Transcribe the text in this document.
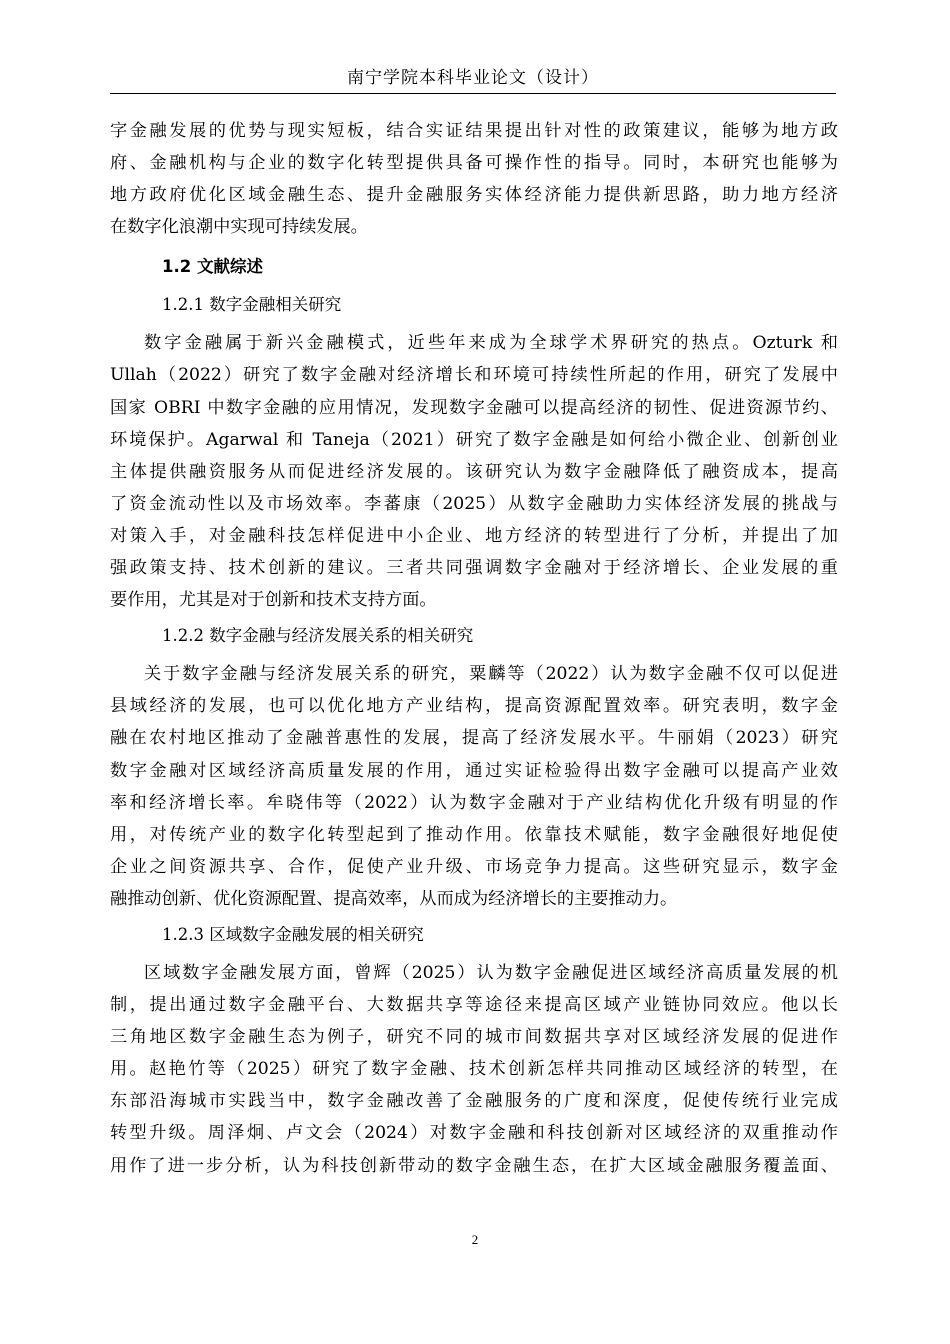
南宁学院本科毕业论文（设计）
字金融发展的优势与现实短板，结合实证结果提出针对性的政策建议，能够为地方政
府、金融机构与企业的数字化转型提供具备可操作性的指导。同时，本研究也能够为
地方政府优化区域金融生态、提升金融服务实体经济能力提供新思路，助力地方经济
在数字化浪潮中实现可持续发展。
1.2 文献综述
1.2.1 数字金融相关研究
数字金融属于新兴金融模式，近些年来成为全球学术界研究的热点。Ozturk 和
Ullah（2022）研究了数字金融对经济增长和环境可持续性所起的作用，研究了发展中
国家 OBRI 中数字金融的应用情况，发现数字金融可以提高经济的韧性、促进资源节约、
环境保护。Agarwal 和 Taneja（2021）研究了数字金融是如何给小微企业、创新创业
主体提供融资服务从而促进经济发展的。该研究认为数字金融降低了融资成本，提高
了资金流动性以及市场效率。李蕃康（2025）从数字金融助力实体经济发展的挑战与
对策入手，对金融科技怎样促进中小企业、地方经济的转型进行了分析，并提出了加
强政策支持、技术创新的建议。三者共同强调数字金融对于经济增长、企业发展的重
要作用，尤其是对于创新和技术支持方面。
1.2.2 数字金融与经济发展关系的相关研究
关于数字金融与经济发展关系的研究，粟麟等（2022）认为数字金融不仅可以促进
县域经济的发展，也可以优化地方产业结构，提高资源配置效率。研究表明，数字金
融在农村地区推动了金融普惠性的发展，提高了经济发展水平。牛丽娟（2023）研究
数字金融对区域经济高质量发展的作用，通过实证检验得出数字金融可以提高产业效
率和经济增长率。牟晓伟等（2022）认为数字金融对于产业结构优化升级有明显的作
用，对传统产业的数字化转型起到了推动作用。依靠技术赋能，数字金融很好地促使
企业之间资源共享、合作，促使产业升级、市场竞争力提高。这些研究显示，数字金
融推动创新、优化资源配置、提高效率，从而成为经济增长的主要推动力。
1.2.3 区域数字金融发展的相关研究
区域数字金融发展方面，曾辉（2025）认为数字金融促进区域经济高质量发展的机
制，提出通过数字金融平台、大数据共享等途径来提高区域产业链协同效应。他以长
三角地区数字金融生态为例子，研究不同的城市间数据共享对区域经济发展的促进作
用。赵艳竹等（2025）研究了数字金融、技术创新怎样共同推动区域经济的转型，在
东部沿海城市实践当中，数字金融改善了金融服务的广度和深度，促使传统行业完成
转型升级。周泽炯、卢文会（2024）对数字金融和科技创新对区域经济的双重推动作
用作了进一步分析，认为科技创新带动的数字金融生态，在扩大区域金融服务覆盖面、
2
